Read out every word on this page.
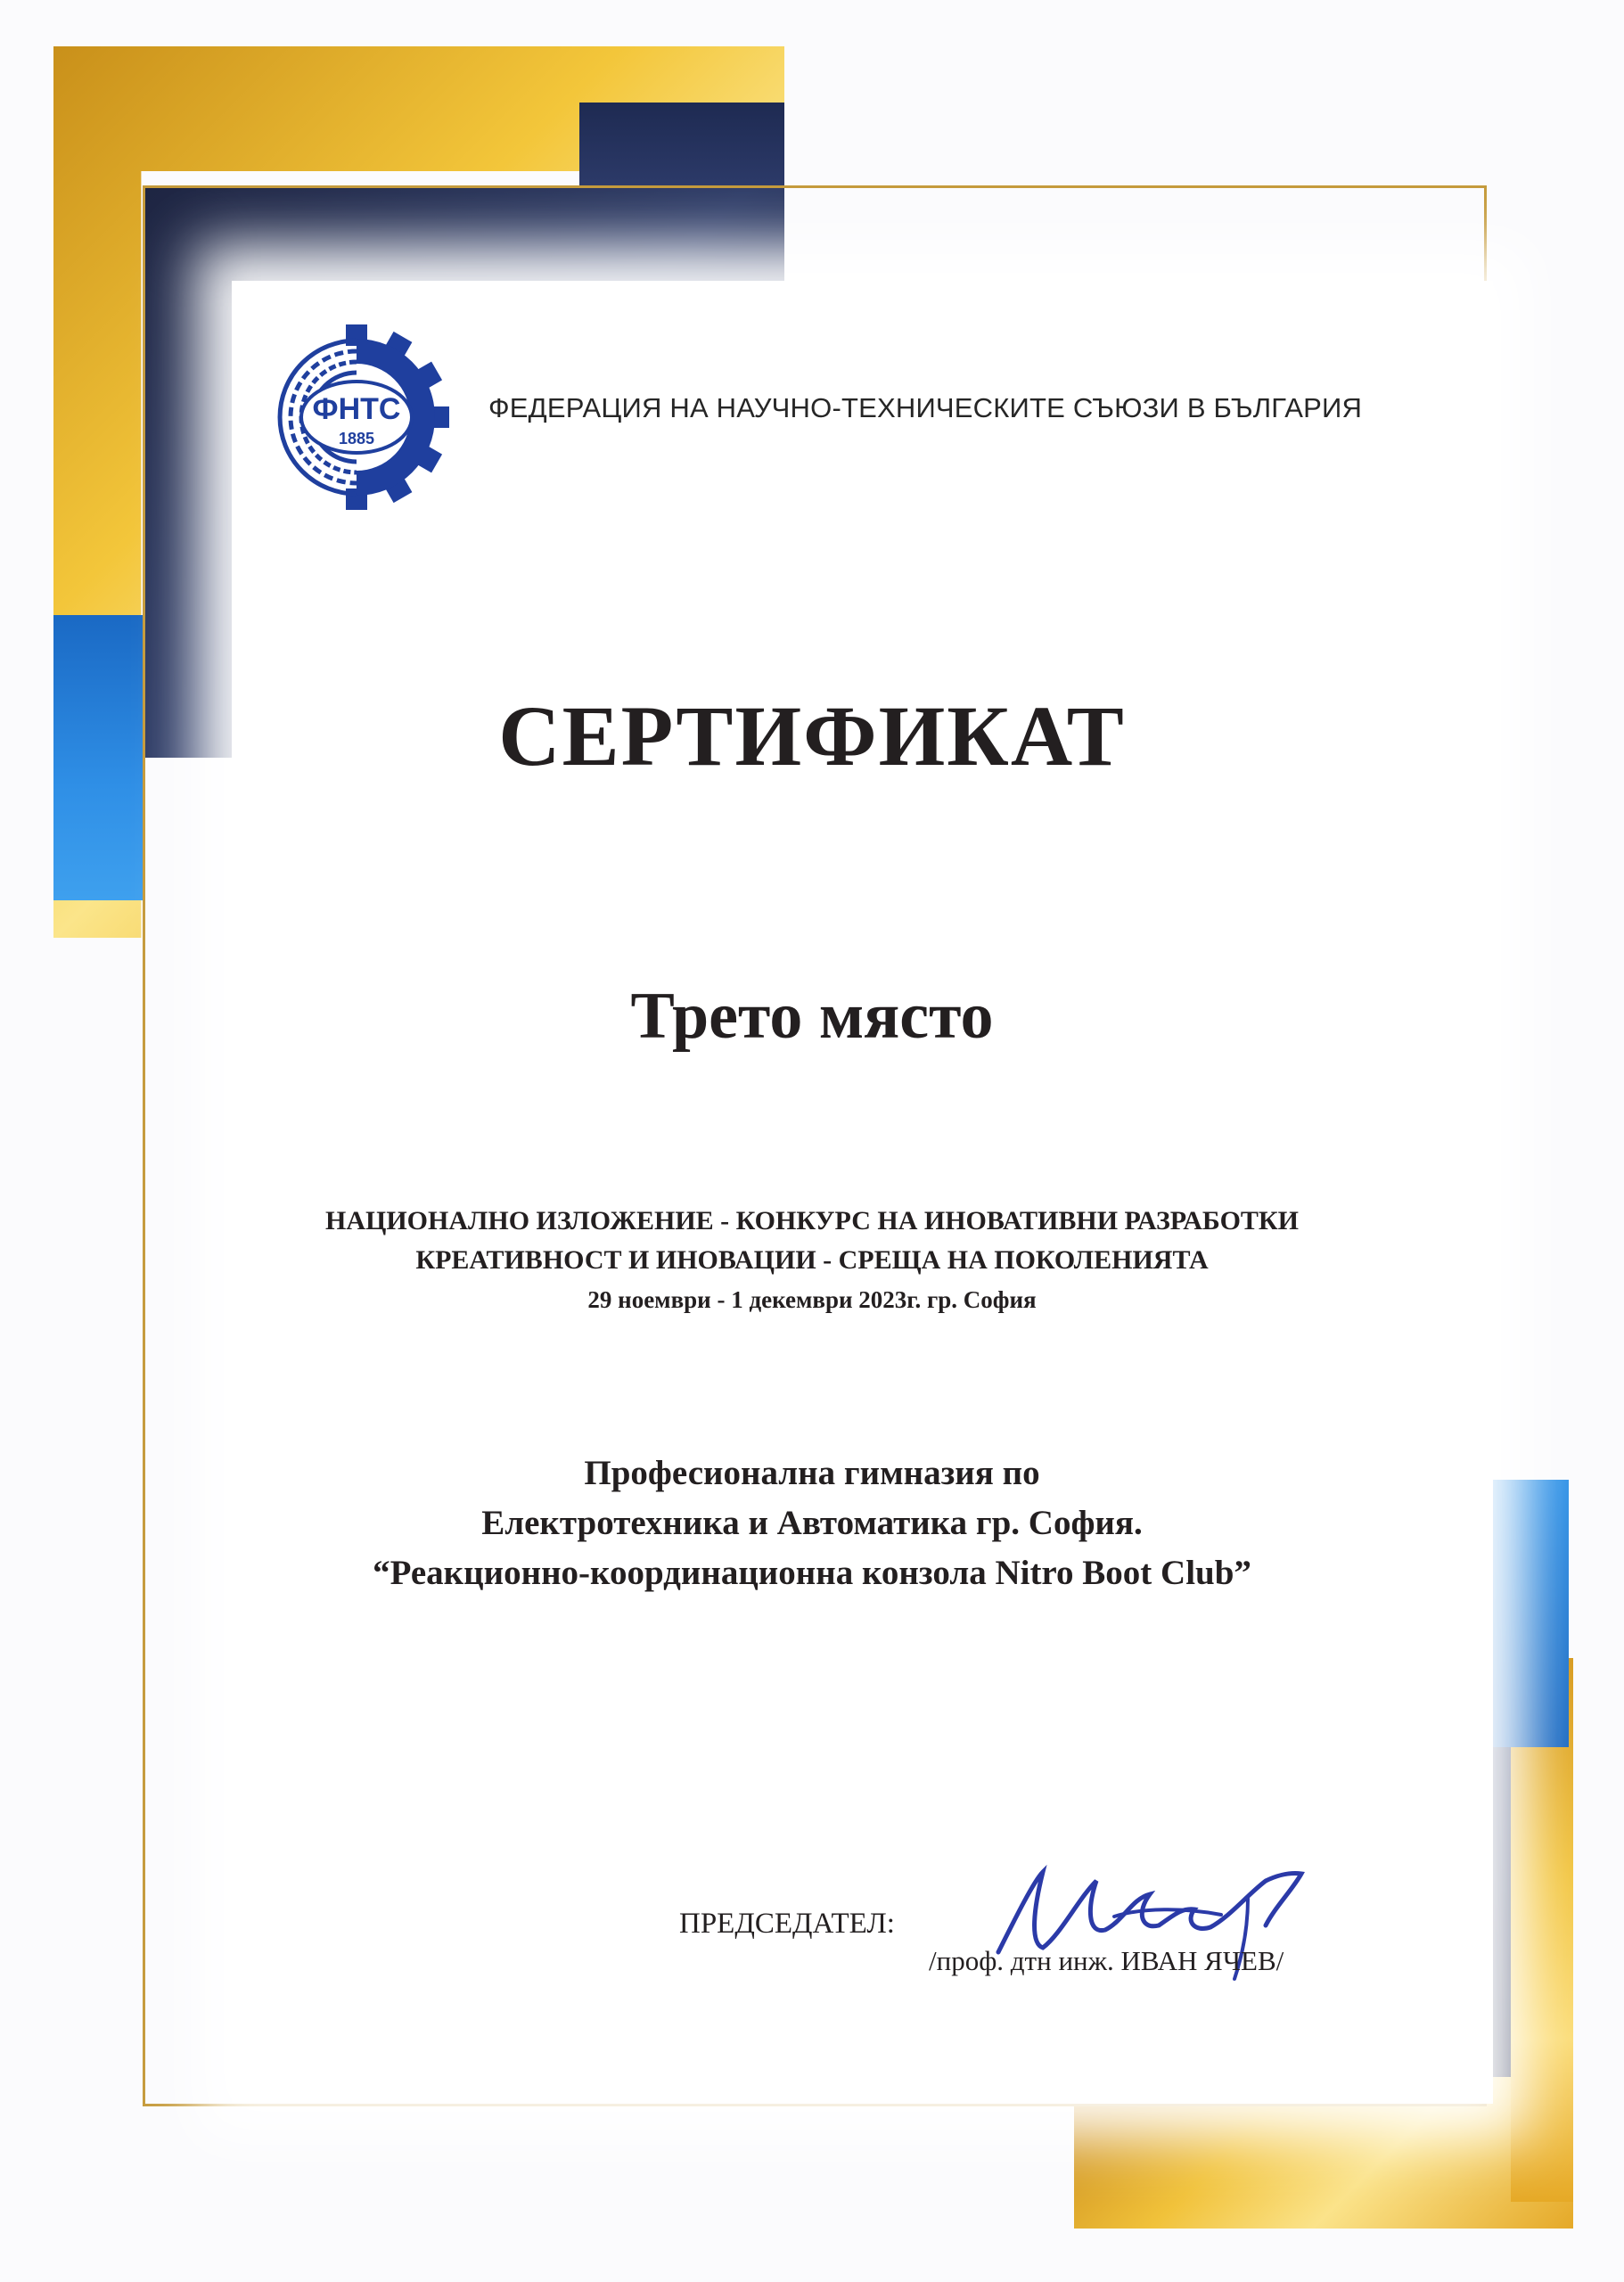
ФНТС
1885
ФЕДЕРАЦИЯ НА НАУЧНО-ТЕХНИЧЕСКИТЕ СЪЮЗИ В БЪЛГАРИЯ
СЕРТИФИКАТ
Трето място
НАЦИОНАЛНО ИЗЛОЖЕНИЕ - КОНКУРС НА ИНОВАТИВНИ РАЗРАБОТКИ
КРЕАТИВНОСТ И ИНОВАЦИИ - СРЕЩА НА ПОКОЛЕНИЯТА
29 ноември - 1 декември 2023г. гр. София
Професионална гимназия по
Електротехника и Автоматика гр. София.
“Реакционно-координационна конзола Nitro Boot Club”
ПРЕДСЕДАТЕЛ:
/проф. дтн инж. ИВАН ЯЧЕВ/
